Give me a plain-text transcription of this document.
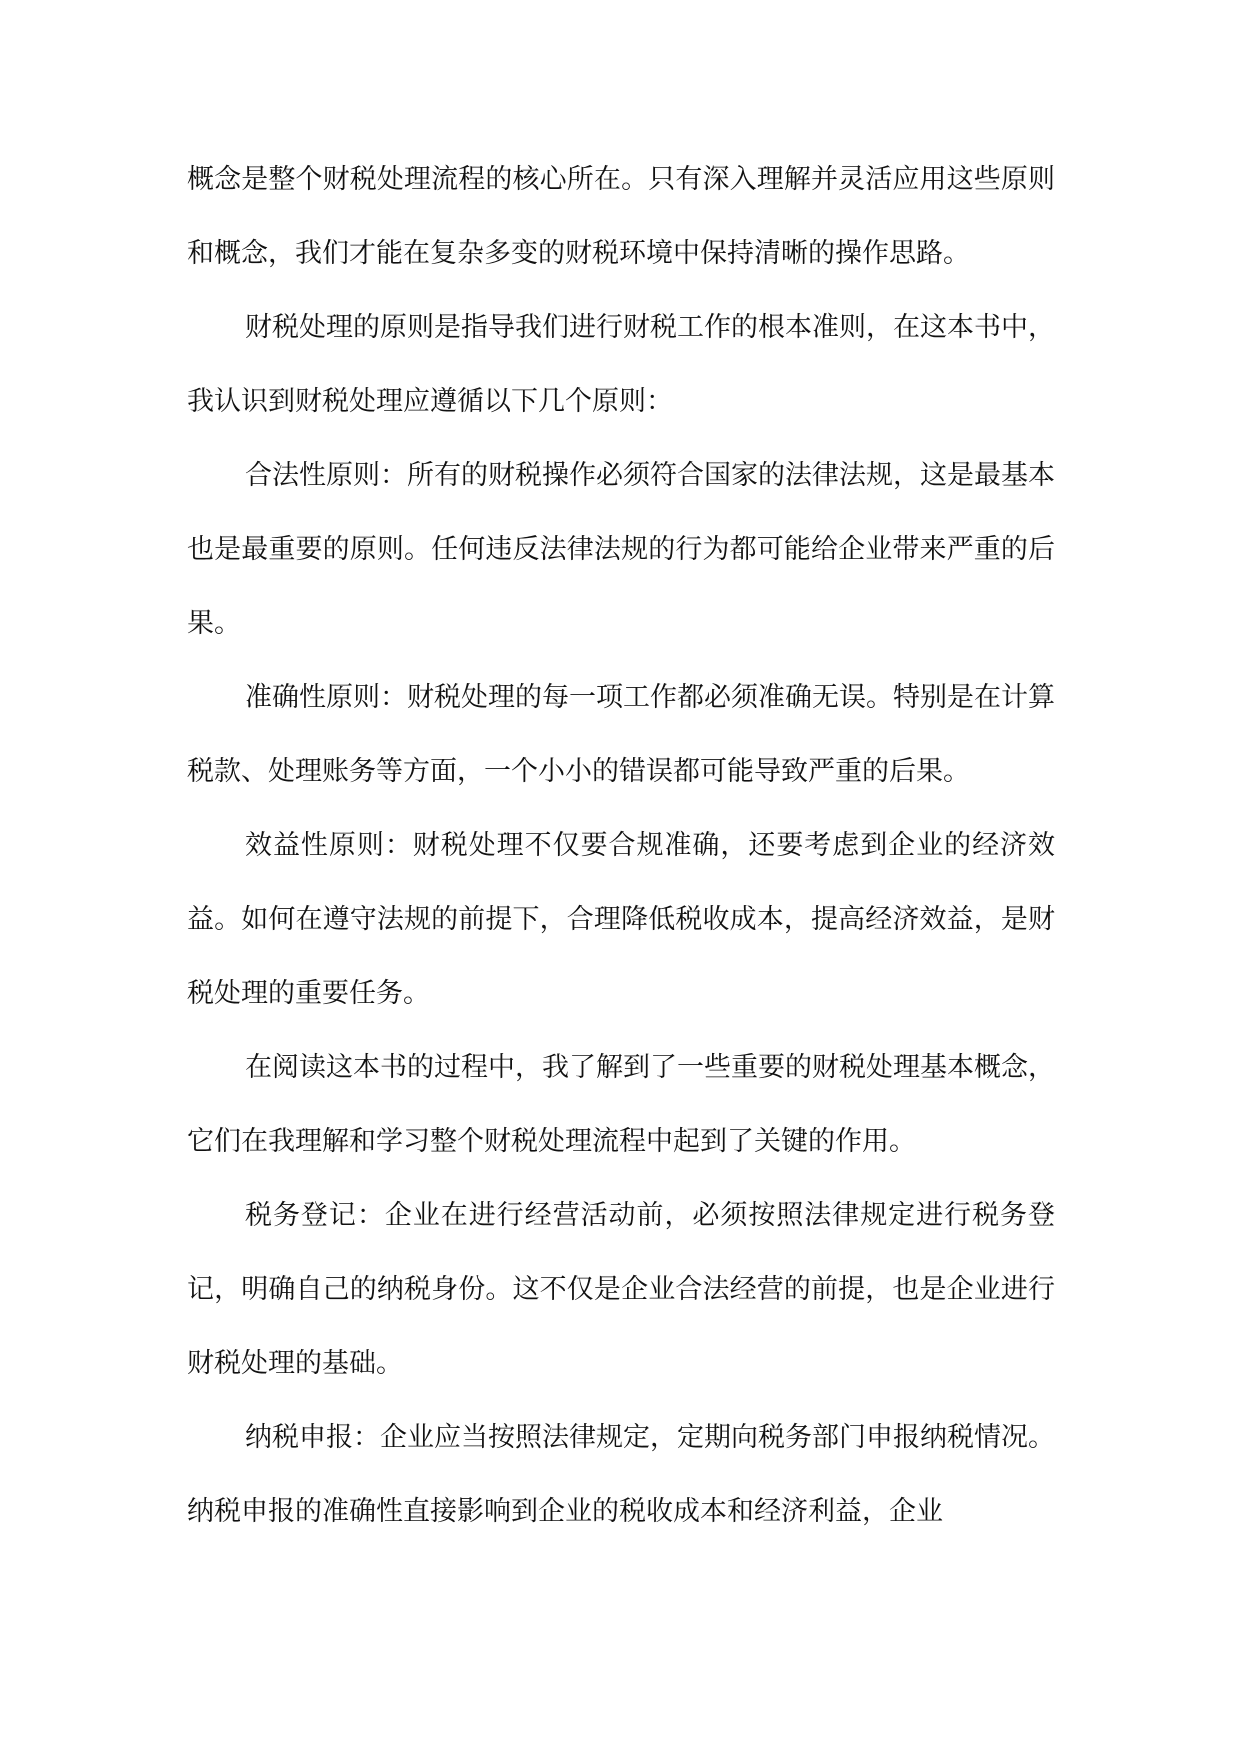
概念是整个财税处理流程的核心所在。只有深入理解并灵活应用这些原则和概念，我们才能在复杂多变的财税环境中保持清晰的操作思路。

财税处理的原则是指导我们进行财税工作的根本准则，在这本书中，我认识到财税处理应遵循以下几个原则：

合法性原则：所有的财税操作必须符合国家的法律法规，这是最基本也是最重要的原则。任何违反法律法规的行为都可能给企业带来严重的后果。

准确性原则：财税处理的每一项工作都必须准确无误。特别是在计算税款、处理账务等方面，一个小小的错误都可能导致严重的后果。

效益性原则：财税处理不仅要合规准确，还要考虑到企业的经济效益。如何在遵守法规的前提下，合理降低税收成本，提高经济效益，是财税处理的重要任务。

在阅读这本书的过程中，我了解到了一些重要的财税处理基本概念，它们在我理解和学习整个财税处理流程中起到了关键的作用。

税务登记：企业在进行经营活动前，必须按照法律规定进行税务登记，明确自己的纳税身份。这不仅是企业合法经营的前提，也是企业进行财税处理的基础。

纳税申报：企业应当按照法律规定，定期向税务部门申报纳税情况。纳税申报的准确性直接影响到企业的税收成本和经济利益，企业
